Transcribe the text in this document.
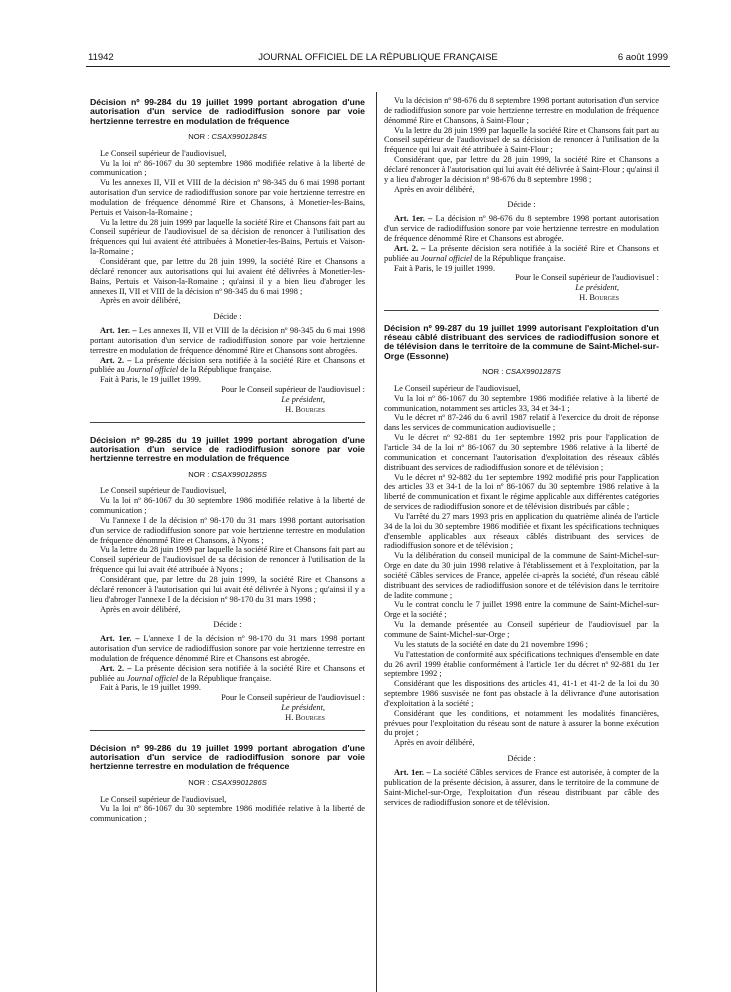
11942	JOURNAL OFFICIEL DE LA RÉPUBLIQUE FRANÇAISE	6 août 1999
Décision nº 99-284 du 19 juillet 1999 portant abrogation d'une autorisation d'un service de radiodiffusion sonore par voie hertzienne terrestre en modulation de fréquence
NOR : CSAX9901284S

Le Conseil supérieur de l'audiovisuel,

Vu la loi nº 86-1067 du 30 septembre 1986 modifiée relative à la liberté de communication ;

Vu les annexes II, VII et VIII de la décision nº 98-345 du 6 mai 1998 portant autorisation d'un service de radiodiffusion sonore par voie hertzienne terrestre en modulation de fréquence dénommé Rire et Chansons, à Monetier-les-Bains, Pertuis et Vaison-la-Romaine ;

Vu la lettre du 28 juin 1999 par laquelle la société Rire et Chansons fait part au Conseil supérieur de l'audiovisuel de sa décision de renoncer à l'utilisation des fréquences qui lui avaient été attribuées à Monetier-les-Bains, Pertuis et Vaison-la-Romaine ;

Considérant que, par lettre du 28 juin 1999, la société Rire et Chansons a déclaré renoncer aux autorisations qui lui avaient été délivrées à Monetier-les-Bains, Pertuis et Vaison-la-Romaine ; qu'ainsi il y a bien lieu d'abroger les annexes II, VII et VIII de la décision nº 98-345 du 6 mai 1998 ;

Après en avoir délibéré,

Décide :

Art. 1er. – Les annexes II, VII et VIII de la décision nº 98-345 du 6 mai 1998 portant autorisation d'un service de radiodiffusion sonore par voie hertzienne terrestre en modulation de fréquence dénommé Rire et Chansons sont abrogées.

Art. 2. – La présente décision sera notifiée à la société Rire et Chansons et publiée au Journal officiel de la République française.

Fait à Paris, le 19 juillet 1999.

Pour le Conseil supérieur de l'audiovisuel :

Le président,

H. Bourges

Décision nº 99-285 du 19 juillet 1999 portant abrogation d'une autorisation d'un service de radiodiffusion sonore par voie hertzienne terrestre en modulation de fréquence
NOR : CSAX9901285S

Le Conseil supérieur de l'audiovisuel,

Vu la loi nº 86-1067 du 30 septembre 1986 modifiée relative à la liberté de communication ;

Vu l'annexe I de la décision nº 98-170 du 31 mars 1998 portant autorisation d'un service de radiodiffusion sonore par voie hertzienne terrestre en modulation de fréquence dénommé Rire et Chansons, à Nyons ;

Vu la lettre du 28 juin 1999 par laquelle la société Rire et Chansons fait part au Conseil supérieur de l'audiovisuel de sa décision de renoncer à l'utilisation de la fréquence qui lui avait été attribuée à Nyons ;

Considérant que, par lettre du 28 juin 1999, la société Rire et Chansons a déclaré renoncer à l'autorisation qui lui avait été délivrée à Nyons ; qu'ainsi il y a lieu d'abroger l'annexe I de la décision nº 98-170 du 31 mars 1998 ;

Après en avoir délibéré,

Décide :

Art. 1er. – L'annexe I de la décision nº 98-170 du 31 mars 1998 portant autorisation d'un service de radiodiffusion sonore par voie hertzienne terrestre en modulation de fréquence dénommé Rire et Chansons est abrogée.

Art. 2. – La présente décision sera notifiée à la société Rire et Chansons et publiée au Journal officiel de la République française.

Fait à Paris, le 19 juillet 1999.

Pour le Conseil supérieur de l'audiovisuel :

Le président,

H. Bourges

Décision nº 99-286 du 19 juillet 1999 portant abrogation d'une autorisation d'un service de radiodiffusion sonore par voie hertzienne terrestre en modulation de fréquence
NOR : CSAX9901286S

Le Conseil supérieur de l'audiovisuel,

Vu la loi nº 86-1067 du 30 septembre 1986 modifiée relative à la liberté de communication ;

Vu la décision nº 98-676 du 8 septembre 1998 portant autorisation d'un service de radiodiffusion sonore par voie hertzienne terrestre en modulation de fréquence dénommé Rire et Chansons, à Saint-Flour ;

Vu la lettre du 28 juin 1999 par laquelle la société Rire et Chansons fait part au Conseil supérieur de l'audiovisuel de sa décision de renoncer à l'utilisation de la fréquence qui lui avait été attribuée à Saint-Flour ;

Considérant que, par lettre du 28 juin 1999, la société Rire et Chansons a déclaré renoncer à l'autorisation qui lui avait été délivrée à Saint-Flour ; qu'ainsi il y a lieu d'abroger la décision nº 98-676 du 8 septembre 1998 ;

Après en avoir délibéré,

Décide :

Art. 1er. – La décision nº 98-676 du 8 septembre 1998 portant autorisation d'un service de radiodiffusion sonore par voie hertzienne terrestre en modulation de fréquence dénommé Rire et Chansons est abrogée.

Art. 2. – La présente décision sera notifiée à la société Rire et Chansons et publiée au Journal officiel de la République française.

Fait à Paris, le 19 juillet 1999.

Pour le Conseil supérieur de l'audiovisuel :

Le président,

H. Bourges

Décision nº 99-287 du 19 juillet 1999 autorisant l'exploitation d'un réseau câblé distribuant des services de radiodiffusion sonore et de télévision dans le territoire de la commune de Saint-Michel-sur-Orge (Essonne)
NOR : CSAX9901287S

Le Conseil supérieur de l'audiovisuel,

Vu la loi nº 86-1067 du 30 septembre 1986 modifiée relative à la liberté de communication, notamment ses articles 33, 34 et 34-1 ;

Vu le décret nº 87-246 du 6 avril 1987 relatif à l'exercice du droit de réponse dans les services de communication audiovisuelle ;

Vu le décret nº 92-881 du 1er septembre 1992 pris pour l'application de l'article 34 de la loi nº 86-1067 du 30 septembre 1986 relative à la liberté de communication et concernant l'autorisation d'exploitation des réseaux câblés distribuant des services de radiodiffusion sonore et de télévision ;

Vu le décret nº 92-882 du 1er septembre 1992 modifié pris pour l'application des articles 33 et 34-1 de la loi nº 86-1067 du 30 septembre 1986 relative à la liberté de communication et fixant le régime applicable aux différentes catégories de services de radiodiffusion sonore et de télévision distribués par câble ;

Vu l'arrêté du 27 mars 1993 pris en application du quatrième alinéa de l'article 34 de la loi du 30 septembre 1986 modifiée et fixant les spécifications techniques d'ensemble applicables aux réseaux câblés distribuant des services de radiodiffusion sonore et de télévision ;

Vu la délibération du conseil municipal de la commune de Saint-Michel-sur-Orge en date du 30 juin 1998 relative à l'établissement et à l'exploitation, par la société Câbles services de France, appelée ci-après la société, d'un réseau câblé distribuant des services de radiodiffusion sonore et de télévision dans le territoire de ladite commune ;

Vu le contrat conclu le 7 juillet 1998 entre la commune de Saint-Michel-sur-Orge et la société ;

Vu la demande présentée au Conseil supérieur de l'audiovisuel par la commune de Saint-Michel-sur-Orge ;

Vu les statuts de la société en date du 21 novembre 1996 ;

Vu l'attestation de conformité aux spécifications techniques d'ensemble en date du 26 avril 1999 établie conformément à l'article 1er du décret nº 92-881 du 1er septembre 1992 ;

Considérant que les dispositions des articles 41, 41-1 et 41-2 de la loi du 30 septembre 1986 susvisée ne font pas obstacle à la délivrance d'une autorisation d'exploitation à la société ;

Considérant que les conditions, et notamment les modalités financières, prévues pour l'exploitation du réseau sont de nature à assurer la bonne exécution du projet ;

Après en avoir délibéré,

Décide :

Art. 1er. – La société Câbles services de France est autorisée, à compter de la publication de la présente décision, à assurer, dans le territoire de la commune de Saint-Michel-sur-Orge, l'exploitation d'un réseau distribuant par câble des services de radiodiffusion sonore et de télévision.
